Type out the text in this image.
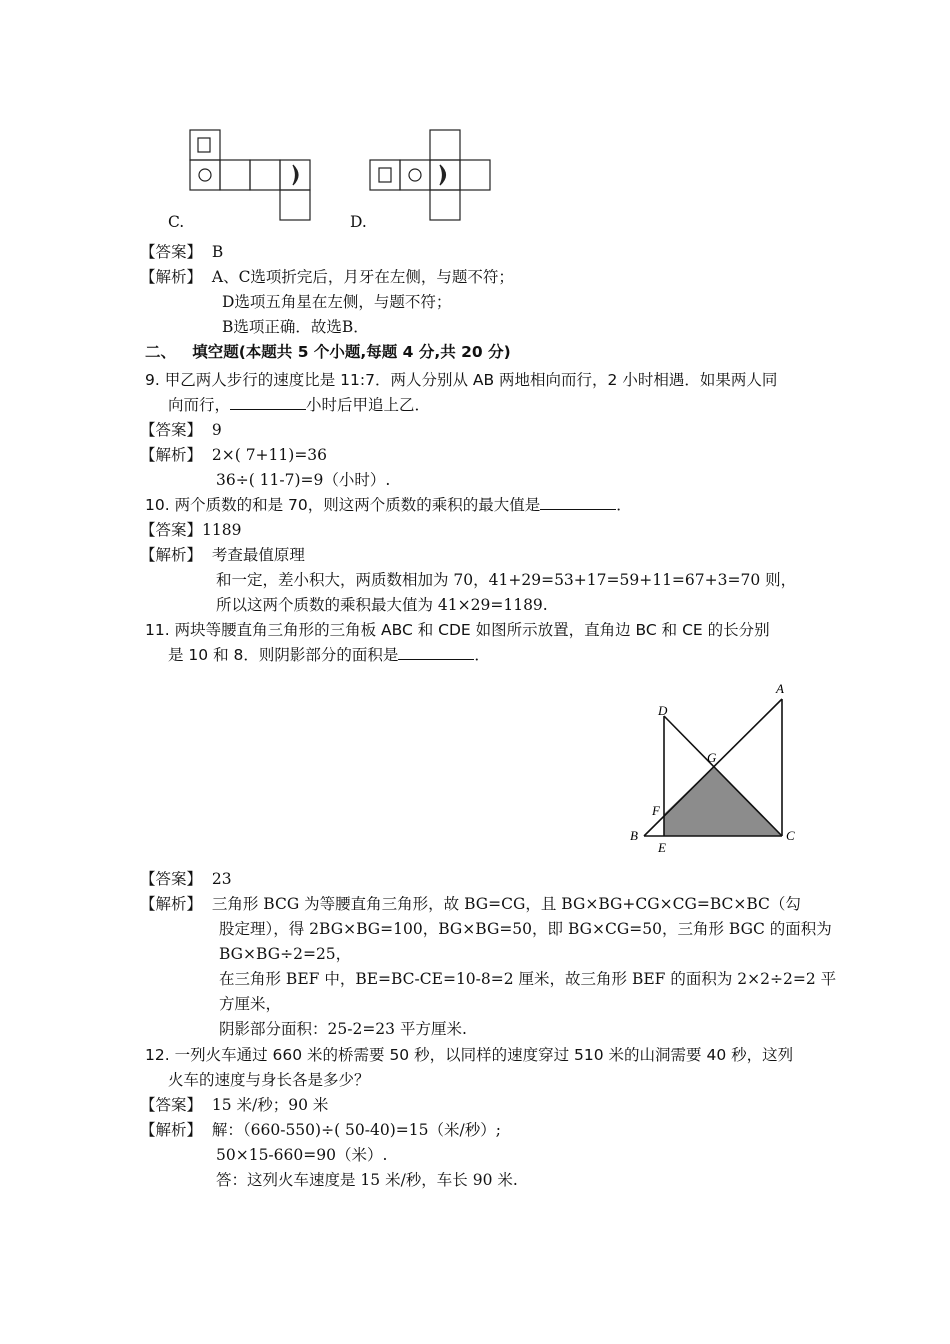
C.	D.
【答案】 B
【解析】 A、C选项折完后，月牙在左侧，与题不符；
D选项五角星在左侧，与题不符；
B选项正确．故选B．
二、 填空题(本题共 5 个小题,每题 4 分,共 20 分)
9. 甲乙两人步行的速度比是 11:7．两人分别从 AB 两地相向而行，2 小时相遇．如果两人同
向而行，	小时后甲追上乙．
【答案】 9
【解析】 2×( 7+11)=36
36÷( 11-7)=9（小时）.
10. 两个质数的和是 70，则这两个质数的乘积的最大值是	．
【答案】1189
【解析】 考查最值原理
和一定，差小积大，两质数相加为 70，41+29=53+17=59+11=67+3=70 则，
所以这两个质数的乘积最大值为 41×29=1189.
11. 两块等腰直角三角形的三角板 ABC 和 CDE 如图所示放置，直角边 BC 和 CE 的长分别
是 10 和 8．则阴影部分的面积是	．
A
B	C
D
E
F
G
【答案】 23
【解析】 三角形 BCG 为等腰直角三角形，故 BG=CG，且 BG×BG+CG×CG=BC×BC（勾
股定理），得 2BG×BG=100，BG×BG=50，即 BG×CG=50，三角形 BGC 的面积为
BG×BG÷2=25，
在三角形 BEF 中，BE=BC-CE=10-8=2 厘米，故三角形 BEF 的面积为 2×2÷2=2 平
方厘米，
阴影部分面积：25-2=23 平方厘米.
12. 一列火车通过 660 米的桥需要 50 秒，以同样的速度穿过 510 米的山洞需要 40 秒，这列
火车的速度与身长各是多少？
【答案】 15 米/秒；90 米
【解析】 解：（660-550)÷( 50-40)=15（米/秒）;
50×15-660=90（米）.
答：这列火车速度是 15 米/秒，车长 90 米.
